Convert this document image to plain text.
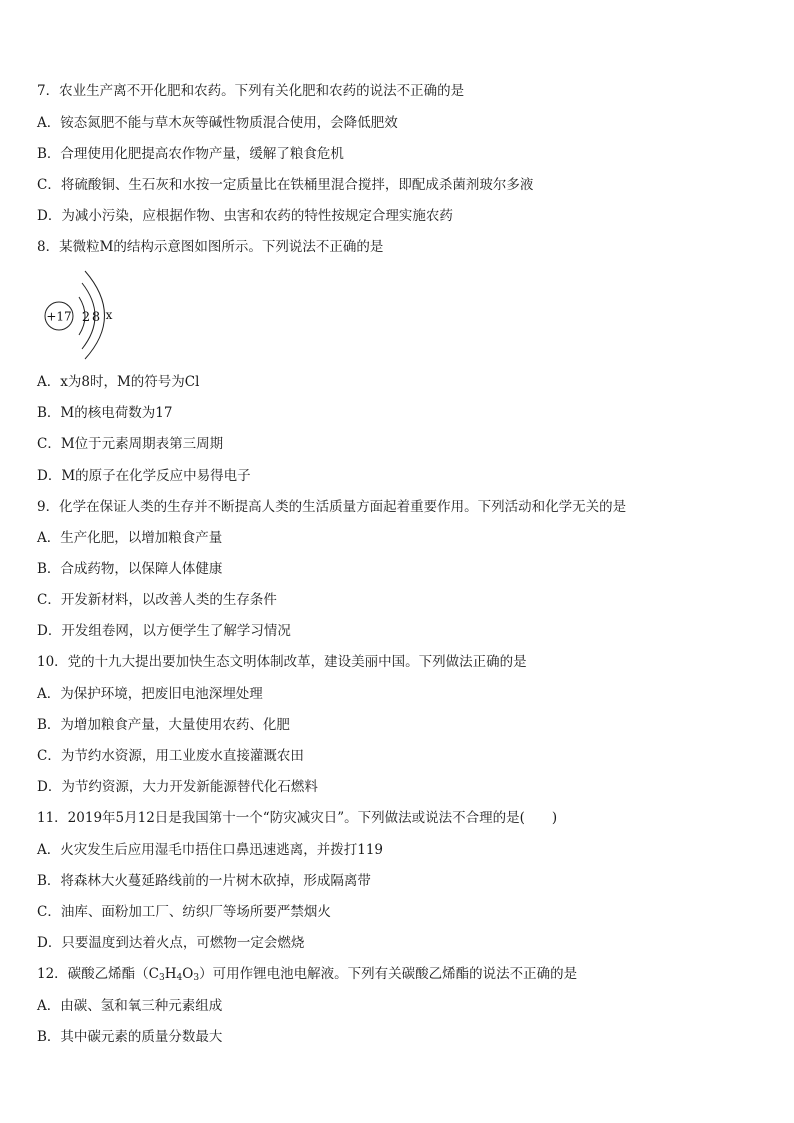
7．农业生产离不开化肥和农药。下列有关化肥和农药的说法不正确的是
A．铵态氮肥不能与草木灰等碱性物质混合使用，会降低肥效
B．合理使用化肥提高农作物产量，缓解了粮食危机
C．将硫酸铜、生石灰和水按一定质量比在铁桶里混合搅拌，即配成杀菌剂玻尔多液
D．为减小污染，应根据作物、虫害和农药的特性按规定合理实施农药
8．某微粒M的结构示意图如图所示。下列说法不正确的是
+17 2 8 x
A．x为8时，M的符号为Cl
B．M的核电荷数为17
C．M位于元素周期表第三周期
D．M的原子在化学反应中易得电子
9．化学在保证人类的生存并不断提高人类的生活质量方面起着重要作用。下列活动和化学无关的是
A．生产化肥，以增加粮食产量
B．合成药物，以保障人体健康
C．开发新材料，以改善人类的生存条件
D．开发组卷网，以方便学生了解学习情况
10．党的十九大提出要加快生态文明体制改革，建设美丽中国。下列做法正确的是
A．为保护环境，把废旧电池深埋处理
B．为增加粮食产量，大量使用农药、化肥
C．为节约水资源，用工业废水直接灌溉农田
D．为节约资源，大力开发新能源替代化石燃料
11．2019年5月12日是我国第十一个“防灾减灾日”。下列做法或说法不合理的是(　　)
A．火灾发生后应用湿毛巾捂住口鼻迅速逃离，并拨打119
B．将森林大火蔓延路线前的一片树木砍掉，形成隔离带
C．油库、面粉加工厂、纺织厂等场所要严禁烟火
D．只要温度到达着火点，可燃物一定会燃烧
12．碳酸乙烯酯$(C_3H_4O_3)$可用作锂电池电解液。下列有关碳酸乙烯酯的说法不正确的是
A．由碳、氢和氧三种元素组成
B．其中碳元素的质量分数最大
